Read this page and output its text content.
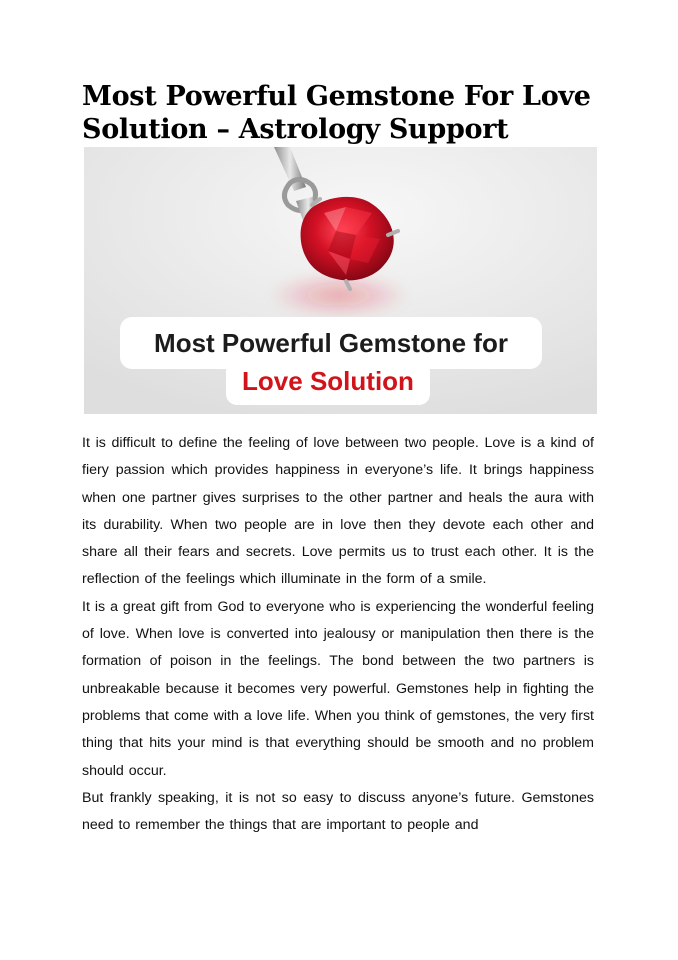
Most Powerful Gemstone For Love Solution – Astrology Support
Most Powerful Gemstone for
Love Solution

It is difficult to define the feeling of love between two people. Love is a kind of fiery passion which provides happiness in everyone’s life. It brings happiness when one partner gives surprises to the other partner and heals the aura with its durability. When two people are in love then they devote each other and share all their fears and secrets. Love permits us to trust each other. It is the reflection of the feelings which illuminate in the form of a smile.

It is a great gift from God to everyone who is experiencing the wonderful feeling of love. When love is converted into jealousy or manipulation then there is the formation of poison in the feelings. The bond between the two partners is unbreakable because it becomes very powerful. Gemstones help in fighting the problems that come with a love life. When you think of gemstones, the very first thing that hits your mind is that everything should be smooth and no problem should occur.

But frankly speaking, it is not so easy to discuss anyone’s future. Gemstones need to remember the things that are important to people and
